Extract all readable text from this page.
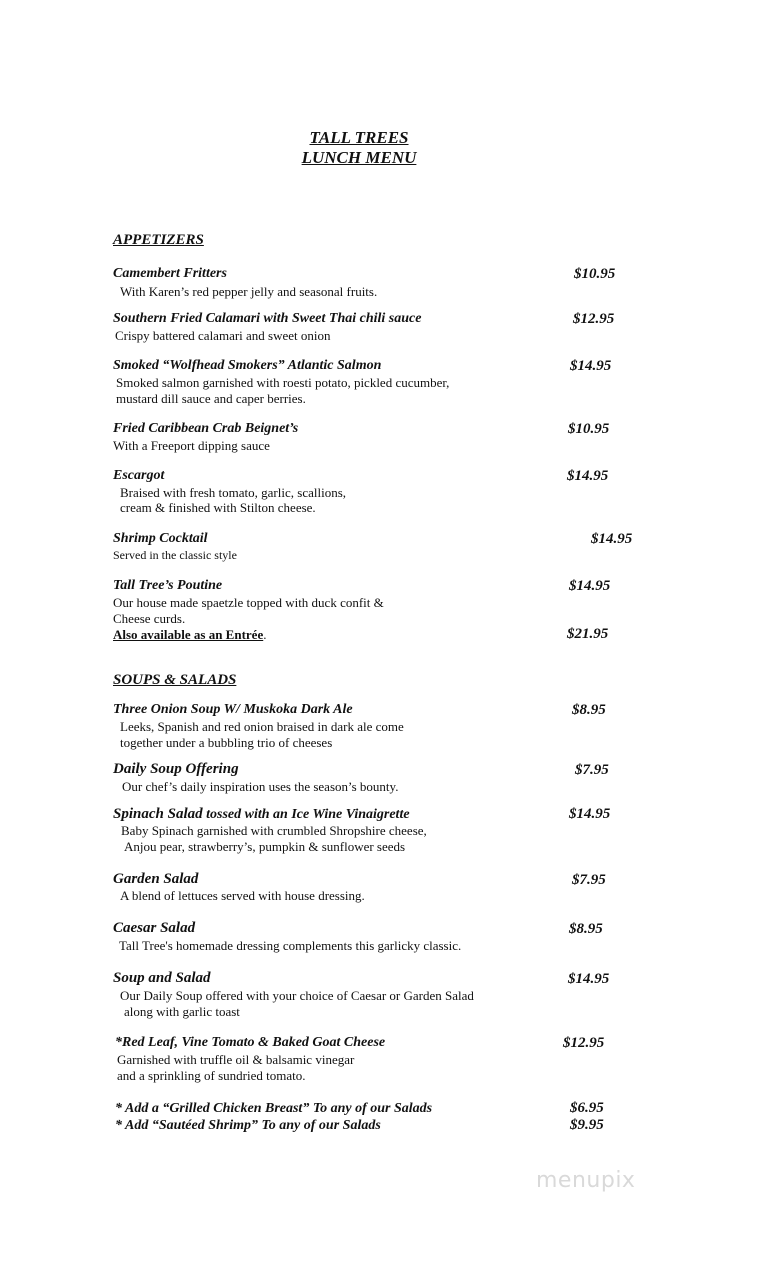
TALL TREES
LUNCH MENU
APPETIZERS
Camembert Fritters	$10.95
With Karen’s red pepper jelly and seasonal fruits.
Southern Fried Calamari with Sweet Thai chili sauce	$12.95
Crispy battered calamari and sweet onion
Smoked “Wolfhead Smokers” Atlantic Salmon	$14.95
Smoked salmon garnished with roesti potato, pickled cucumber,
mustard dill sauce and caper berries.
Fried Caribbean Crab Beignet’s	$10.95
With a Freeport dipping sauce
Escargot	$14.95
Braised with fresh tomato, garlic, scallions,
cream & finished with Stilton cheese.
Shrimp Cocktail	$14.95
Served in the classic style
Tall Tree’s Poutine	$14.95
Our house made spaetzle topped with duck confit &
Cheese curds.
Also available as an Entrée.	$21.95
SOUPS & SALADS
Three Onion Soup W/ Muskoka Dark Ale	$8.95
Leeks, Spanish and red onion braised in dark ale come
together under a bubbling trio of cheeses
Daily Soup Offering	$7.95
Our chef’s daily inspiration uses the season’s bounty.
Spinach Salad tossed with an Ice Wine Vinaigrette	$14.95
Baby Spinach garnished with crumbled Shropshire cheese,
Anjou pear, strawberry’s, pumpkin & sunflower seeds
Garden Salad	$7.95
A blend of lettuces served with house dressing.
Caesar Salad	$8.95
Tall Tree's homemade dressing complements this garlicky classic.
Soup and Salad	$14.95
Our Daily Soup offered with your choice of Caesar or Garden Salad
along with garlic toast
*Red Leaf, Vine Tomato & Baked Goat Cheese	$12.95
Garnished with truffle oil & balsamic vinegar
and a sprinkling of sundried tomato.
* Add a “Grilled Chicken Breast” To any of our Salads	$6.95
* Add “Sautéed Shrimp” To any of our Salads	$9.95
menupix
